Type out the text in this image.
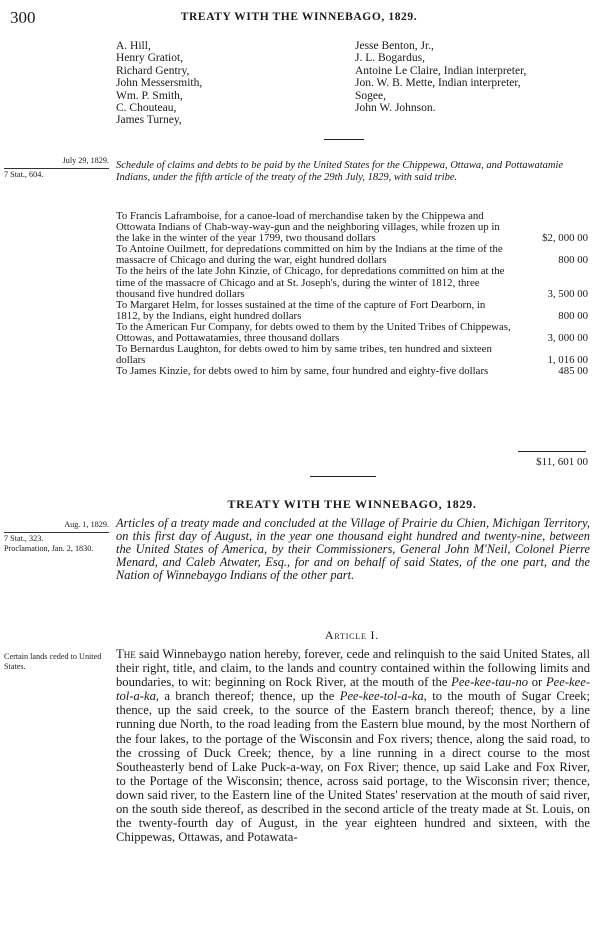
300	TREATY WITH THE WINNEBAGO, 1829.
A. Hill,
Henry Gratiot,
Richard Gentry,
John Messersmith,
Wm. P. Smith,
C. Chouteau,
James Turney,
Jesse Benton, Jr.,
J. L. Bogardus,
Antoine Le Claire, Indian interpreter,
Jon. W. B. Mette, Indian interpreter,
Sogee,
John W. Johnson.
July 29, 1829.
7 Stat., 604.
Schedule of claims and debts to be paid by the United States for the Chippewa, Ottawa, and Pottawatamie Indians, under the fifth article of the treaty of the 29th July, 1829, with said tribe.
To Francis Laframboise, for a canoe-load of merchandise taken by the Chippewa and Ottowata Indians of Chab-way-way-gun and the neighboring villages, while frozen up in the lake in the winter of the year 1799, two thousand dollars	$2, 000 00
To Antoine Ouilmett, for depredations committed on him by the Indians at the time of the massacre of Chicago and during the war, eight hundred dollars	800 00
To the heirs of the late John Kinzie, of Chicago, for depredations committed on him at the time of the massacre of Chicago and at St. Joseph's, during the winter of 1812, three thousand five hundred dollars	3, 500 00
To Margaret Helm, for losses sustained at the time of the capture of Fort Dearborn, in 1812, by the Indians, eight hundred dollars	800 00
To the American Fur Company, for debts owed to them by the United Tribes of Chippewas, Ottowas, and Pottawatamies, three thousand dollars	3, 000 00
To Bernardus Laughton, for debts owed to him by same tribes, ten hundred and sixteen dollars	1, 016 00
To James Kinzie, for debts owed to him by same, four hundred and eighty-five dollars	485 00
$11, 601 00
TREATY WITH THE WINNEBAGO, 1829.
Aug. 1, 1829.
7 Stat., 323.
Proclamation, Jan. 2, 1830.
Articles of a treaty made and concluded at the Village of Prairie du Chien, Michigan Territory, on this first day of August, in the year one thousand eight hundred and twenty-nine, between the United States of America, by their Commissioners, General John M'Neil, Colonel Pierre Menard, and Caleb Atwater, Esq., for and on behalf of said States, of the one part, and the Nation of Winnebaygo Indians of the other part.
Article I.
Certain lands ceded to United States.
The said Winnebaygo nation hereby, forever, cede and relinquish to the said United States, all their right, title, and claim, to the lands and country contained within the following limits and boundaries, to wit: beginning on Rock River, at the mouth of the Pee-kee-tau-no or Pee-kee-tol-a-ka, a branch thereof; thence, up the Pee-kee-tol-a-ka, to the mouth of Sugar Creek; thence, up the said creek, to the source of the Eastern branch thereof; thence, by a line running due North, to the road leading from the Eastern blue mound, by the most Northern of the four lakes, to the portage of the Wisconsin and Fox rivers; thence, along the said road, to the crossing of Duck Creek; thence, by a line running in a direct course to the most Southeasterly bend of Lake Puck-a-way, on Fox River; thence, up said Lake and Fox River, to the Portage of the Wisconsin; thence, across said portage, to the Wisconsin river; thence, down said river, to the Eastern line of the United States' reservation at the mouth of said river, on the south side thereof, as described in the second article of the treaty made at St. Louis, on the twenty-fourth day of August, in the year eighteen hundred and sixteen, with the Chippewas, Ottawas, and Potawata-
